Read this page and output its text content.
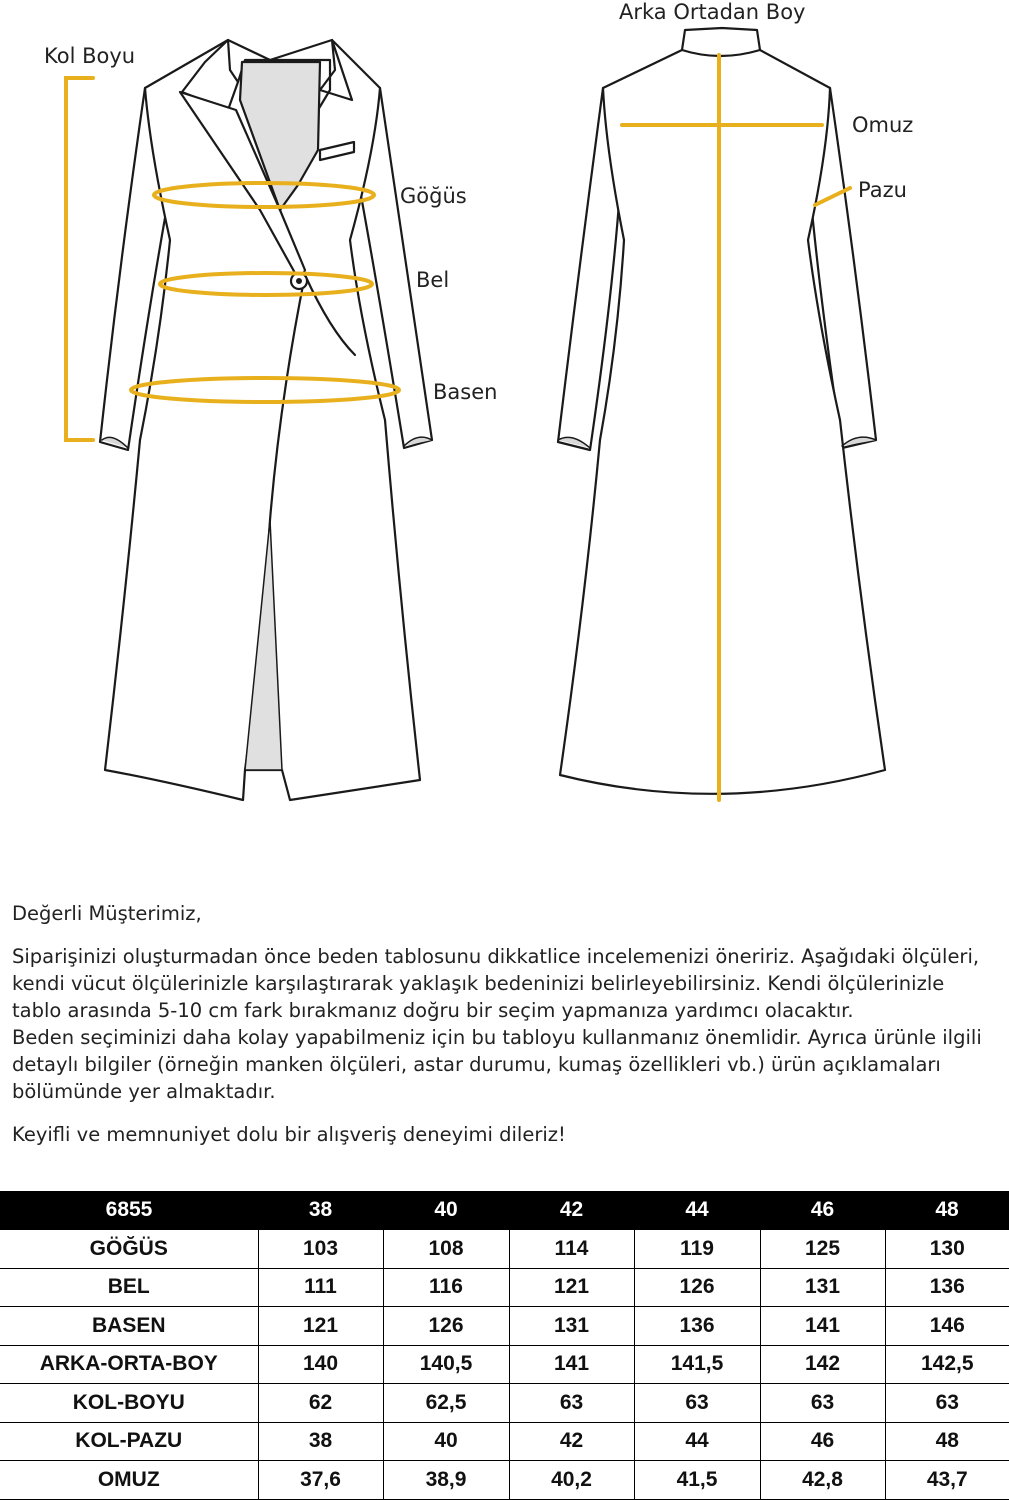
Kol Boyu
Göğüs
Bel
Basen
Arka Ortadan Boy
Omuz
Pazu

Değerli Müşterimiz,

Siparişinizi oluşturmadan önce beden tablosunu dikkatlice incelemenizi öneririz. Aşağıdaki ölçüleri, kendi vücut ölçülerinizle karşılaştırarak yaklaşık bedeninizi belirleyebilirsiniz. Kendi ölçülerinizle tablo arasında 5-10 cm fark bırakmanız doğru bir seçim yapmanıza yardımcı olacaktır.

Beden seçiminizi daha kolay yapabilmeniz için bu tabloyu kullanmanız önemlidir. Ayrıca ürünle ilgili detaylı bilgiler (örneğin manken ölçüleri, astar durumu, kumaş özellikleri vb.) ürün açıklamaları bölümünde yer almaktadır.

Keyifli ve memnuniyet dolu bir alışveriş deneyimi dileriz!

6855	38	40	42	44	46	48
GÖĞÜS	103	108	114	119	125	130
BEL	111	116	121	126	131	136
BASEN	121	126	131	136	141	146
ARKA-ORTA-BOY	140	140,5	141	141,5	142	142,5
KOL-BOYU	62	62,5	63	63	63	63
KOL-PAZU	38	40	42	44	46	48
OMUZ	37,6	38,9	40,2	41,5	42,8	43,7
